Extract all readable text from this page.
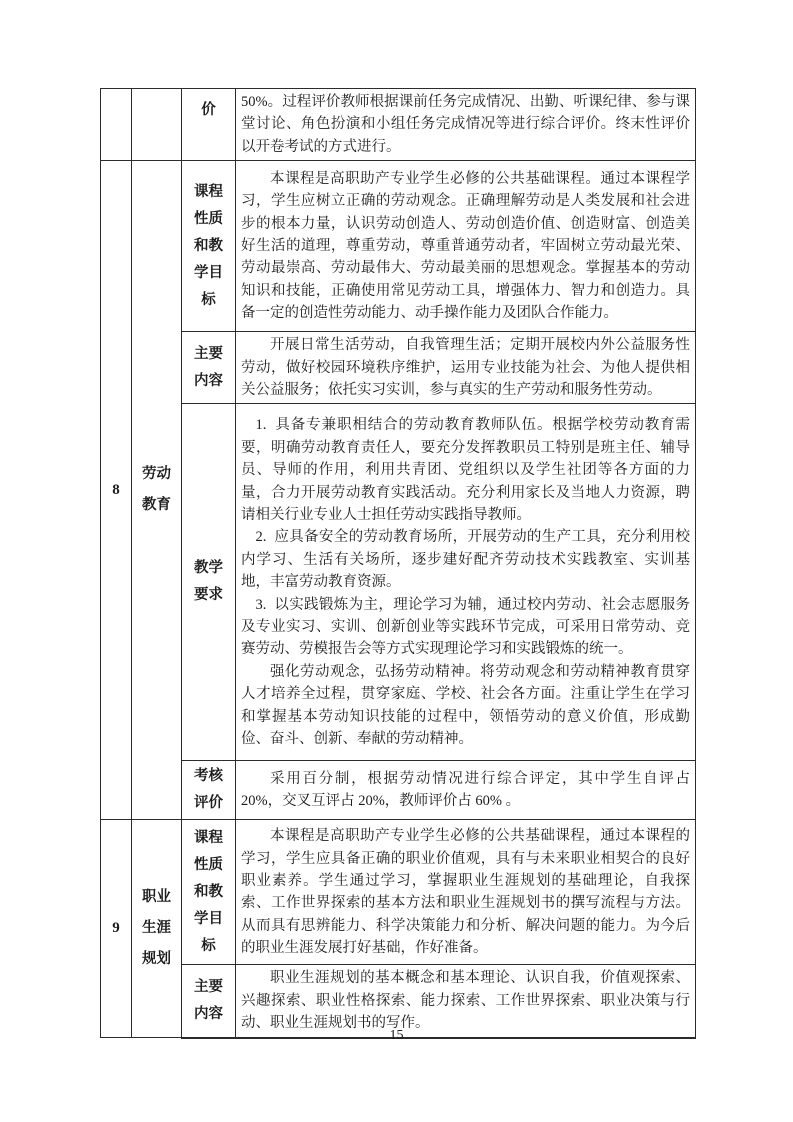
		价	50%。过程评价教师根据课前任务完成情况、出勤、听课纪律、参与课堂讨论、角色扮演和小组任务完成情况等进行综合评价。终末性评价以开卷考试的方式进行。

8	劳动教育	课程性质和教学目标	本课程是高职助产专业学生必修的公共基础课程。通过本课程学习，学生应树立正确的劳动观念。正确理解劳动是人类发展和社会进步的根本力量，认识劳动创造人、劳动创造价值、创造财富、创造美好生活的道理，尊重劳动，尊重普通劳动者，牢固树立劳动最光荣、劳动最崇高、劳动最伟大、劳动最美丽的思想观念。掌握基本的劳动知识和技能，正确使用常见劳动工具，增强体力、智力和创造力。具备一定的创造性劳动能力、动手操作能力及团队合作能力。

		主要内容	开展日常生活劳动，自我管理生活；定期开展校内外公益服务性劳动，做好校园环境秩序维护，运用专业技能为社会、为他人提供相关公益服务；依托实习实训，参与真实的生产劳动和服务性劳动。

		教学要求	1.  具备专兼职相结合的劳动教育教师队伍。根据学校劳动教育需要，明确劳动教育责任人，要充分发挥教职员工特别是班主任、辅导员、导师的作用，利用共青团、党组织以及学生社团等各方面的力量，合力开展劳动教育实践活动。充分利用家长及当地人力资源，聘请相关行业专业人士担任劳动实践指导教师。

2.  应具备安全的劳动教育场所，开展劳动的生产工具，充分利用校内学习、生活有关场所，逐步建好配齐劳动技术实践教室、实训基地，丰富劳动教育资源。

3.  以实践锻炼为主，理论学习为辅，通过校内劳动、社会志愿服务及专业实习、实训、创新创业等实践环节完成，可采用日常劳动、竞赛劳动、劳模报告会等方式实现理论学习和实践锻炼的统一。

强化劳动观念，弘扬劳动精神。将劳动观念和劳动精神教育贯穿人才培养全过程，贯穿家庭、学校、社会各方面。注重让学生在学习和掌握基本劳动知识技能的过程中，领悟劳动的意义价值，形成勤俭、奋斗、创新、奉献的劳动精神。

		考核评价	采用百分制，根据劳动情况进行综合评定，其中学生自评占 20%，交叉互评占 20%，教师评价占 60% 。

9	职业生涯规划	课程性质和教学目标	本课程是高职助产专业学生必修的公共基础课程，通过本课程的学习，学生应具备正确的职业价值观，具有与未来职业相契合的良好职业素养。学生通过学习，掌握职业生涯规划的基础理论，自我探索、工作世界探索的基本方法和职业生涯规划书的撰写流程与方法。从而具有思辨能力、科学决策能力和分析、解决问题的能力。为今后的职业生涯发展打好基础，作好准备。

		主要内容	职业生涯规划的基本概念和基本理论、认识自我，价值观探索、兴趣探索、职业性格探索、能力探索、工作世界探索、职业决策与行动、职业生涯规划书的写作。

15
